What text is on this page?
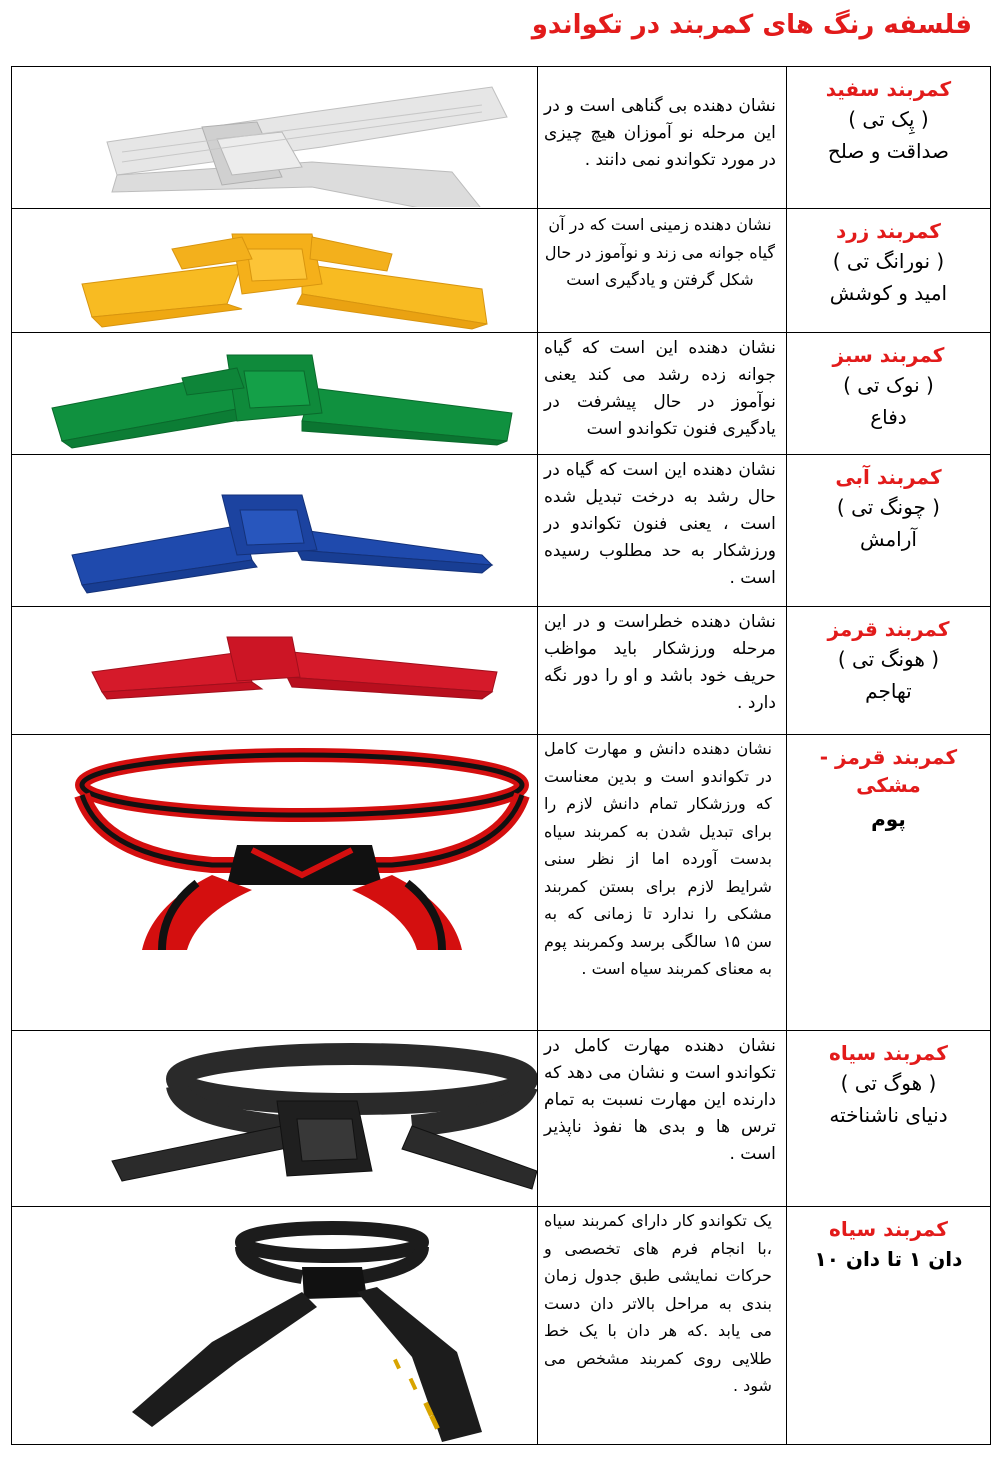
فلسفه رنگ های کمربند در تکواندو
کمربند سفید
( پِک تی )
صداقت و صلح	نشان دهنده بی گناهی است و در این مرحله نو آموزان هیچ چیزی در مورد تکواندو نمی دانند .

کمربند زرد
( نورانگ تی )
امید و کوشش	نشان دهنده زمینی است که در آن گیاه جوانه می زند و نوآموز در حال شکل گرفتن و یادگیری است

کمربند سبز
( نوک تی )
دفاع	نشان دهنده این است که گیاه جوانه زده رشد می کند یعنی نوآموز در حال پیشرفت در یادگیری فنون تکواندو است

کمربند آبی
( چونگ تی )
آرامش	نشان دهنده این است که گیاه در حال رشد به درخت تبدیل شده است ، یعنی فنون تکواندو در ورزشکار به حد مطلوب رسیده است .

کمربند قرمز
( هونگ تی )
تهاجم	نشان دهنده خطراست و در این مرحله ورزشکار باید مواظب حریف خود باشد و او را دور نگه دارد .

کمربند قرمز - مشکی
پوم	نشان دهنده دانش و مهارت کامل در تکواندو است و بدین معناست که ورزشکار تمام دانش لازم را برای تبدیل شدن به کمربند سیاه بدست آورده اما از نظر سنی شرایط لازم برای بستن کمربند مشکی را ندارد تا زمانی که به سن ۱۵ سالگی برسد وکمربند پوم به معنای کمربند سیاه است .

کمربند سیاه
( هوگ تی )
دنیای ناشناخته	نشان دهنده مهارت کامل در تکواندو است و نشان می دهد که دارنده این مهارت نسبت به تمام ترس ها و بدی ها نفوذ ناپذیر است .

کمربند سیاه
دان ۱ تا دان ۱۰	یک تکواندو کار دارای کمربند سیاه ،با انجام فرم های تخصصی و حرکات نمایشی طبق جدول زمان بندی به مراحل بالاتر دان دست می یابد .که هر دان با یک خط طلایی روی کمربند مشخص می شود .
